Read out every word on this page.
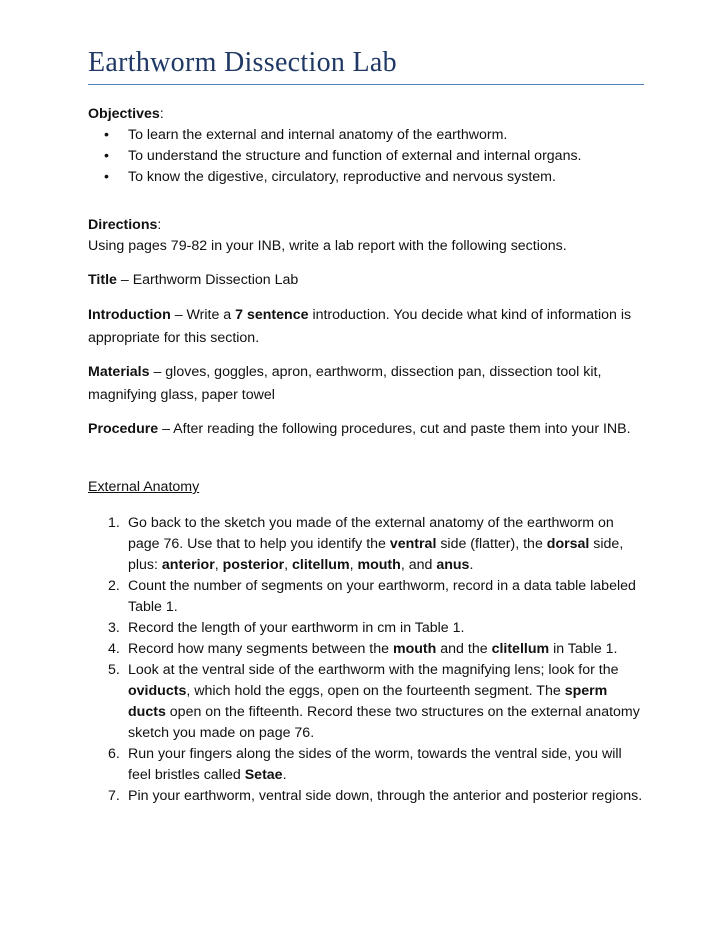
Earthworm Dissection Lab

Objectives:

• To learn the external and internal anatomy of the earthworm.
• To understand the structure and function of external and internal organs.
• To know the digestive, circulatory, reproductive and nervous system.

Directions:

Using pages 79-82 in your INB, write a lab report with the following sections.

Title – Earthworm Dissection Lab

Introduction – Write a 7 sentence introduction. You decide what kind of information is appropriate for this section.

Materials – gloves, goggles, apron, earthworm, dissection pan, dissection tool kit, magnifying glass, paper towel

Procedure – After reading the following procedures, cut and paste them into your INB.

External Anatomy

1. Go back to the sketch you made of the external anatomy of the earthworm on page 76. Use that to help you identify the ventral side (flatter), the dorsal side, plus: anterior, posterior, clitellum, mouth, and anus.
2. Count the number of segments on your earthworm, record in a data table labeled Table 1.
3. Record the length of your earthworm in cm in Table 1.
4. Record how many segments between the mouth and the clitellum in Table 1.
5. Look at the ventral side of the earthworm with the magnifying lens; look for the oviducts, which hold the eggs, open on the fourteenth segment. The sperm ducts open on the fifteenth. Record these two structures on the external anatomy sketch you made on page 76.
6. Run your fingers along the sides of the worm, towards the ventral side, you will feel bristles called Setae.
7. Pin your earthworm, ventral side down, through the anterior and posterior regions.
